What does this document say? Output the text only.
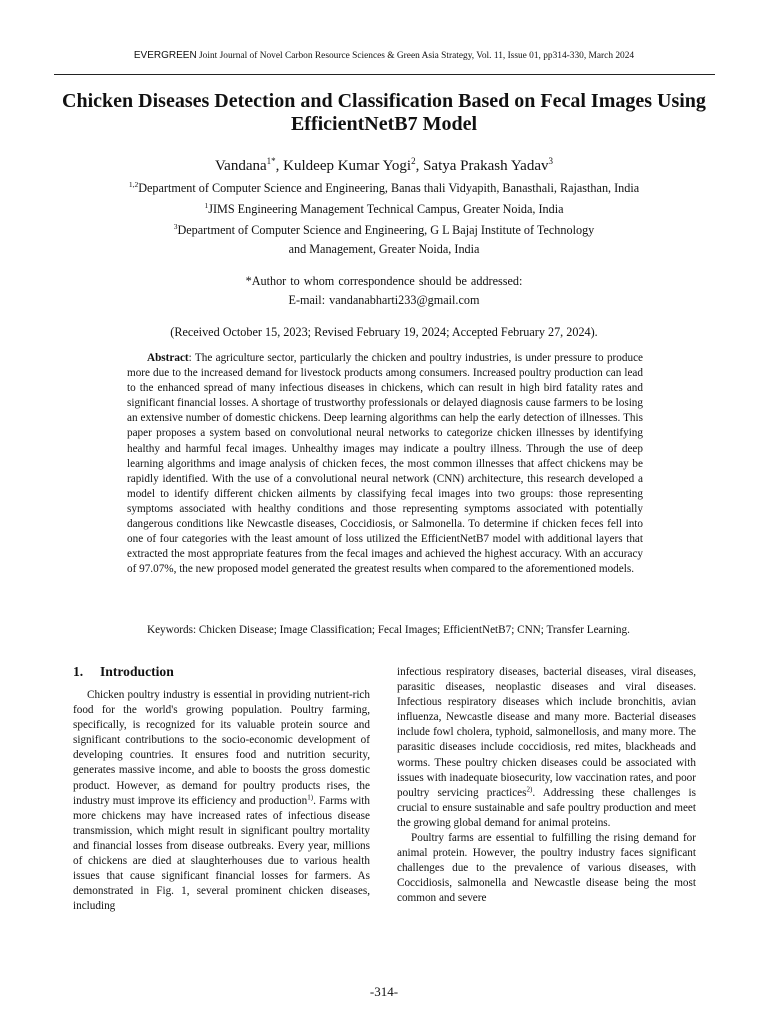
EVERGREEN Joint Journal of Novel Carbon Resource Sciences & Green Asia Strategy, Vol. 11, Issue 01, pp314-330, March 2024
Chicken Diseases Detection and Classification Based on Fecal Images Using EfficientNetB7 Model
Vandana$^{1*}$, Kuldeep Kumar Yogi$^2$, Satya Prakash Yadav$^3$
$^{1,2}$Department of Computer Science and Engineering, Banas thali Vidyapith, Banasthali, Rajasthan, India
$^1$JIMS Engineering Management Technical Campus, Greater Noida, India
$^3$Department of Computer Science and Engineering, G L Bajaj Institute of Technology
and Management, Greater Noida, India
*Author to whom correspondence should be addressed:
E-mail: vandanabharti233@gmail.com
(Received October 15, 2023; Revised February 19, 2024; Accepted February 27, 2024).

Abstract: The agriculture sector, particularly the chicken and poultry industries, is under pressure to produce more due to the increased demand for livestock products among consumers. Increased poultry production can lead to the enhanced spread of many infectious diseases in chickens, which can result in high bird fatality rates and significant financial losses. A shortage of trustworthy professionals or delayed diagnosis cause farmers to be losing an extensive number of domestic chickens. Deep learning algorithms can help the early detection of illnesses. This paper proposes a system based on convolutional neural networks to categorize chicken illnesses by identifying healthy and harmful fecal images. Unhealthy images may indicate a poultry illness. Through the use of deep learning algorithms and image analysis of chicken feces, the most common illnesses that affect chickens may be rapidly identified. With the use of a convolutional neural network (CNN) architecture, this research developed a model to identify different chicken ailments by classifying fecal images into two groups: those representing symptoms associated with healthy conditions and those representing symptoms associated with potentially dangerous conditions like Newcastle diseases, Coccidiosis, or Salmonella. To determine if chicken feces fell into one of four categories with the least amount of loss utilized the EfficientNetB7 model with additional layers that extracted the most appropriate features from the fecal images and achieved the highest accuracy. With an accuracy of 97.07%, the new proposed model generated the greatest results when compared to the aforementioned models.

Keywords: Chicken Disease; Image Classification; Fecal Images; EfficientNetB7; CNN; Transfer Learning.

1. Introduction

Chicken poultry industry is essential in providing nutrient-rich food for the world's growing population. Poultry farming, specifically, is recognized for its valuable protein source and significant contributions to the socio-economic development of developing countries. It ensures food and nutrition security, generates massive income, and able to boosts the gross domestic product. However, as demand for poultry products rises, the industry must improve its efficiency and production$^{1)}$. Farms with more chickens may have increased rates of infectious disease transmission, which might result in significant poultry mortality and financial losses from disease outbreaks. Every year, millions of chickens are died at slaughterhouses due to various health issues that cause significant financial losses for farmers. As demonstrated in Fig. 1, several prominent chicken diseases, including

infectious respiratory diseases, bacterial diseases, viral diseases, parasitic diseases, neoplastic diseases and viral diseases. Infectious respiratory diseases which include bronchitis, avian influenza, Newcastle disease and many more. Bacterial diseases include fowl cholera, typhoid, salmonellosis, and many more. The parasitic diseases include coccidiosis, red mites, blackheads and worms. These poultry chicken diseases could be associated with issues with inadequate biosecurity, low vaccination rates, and poor poultry servicing practices$^{2)}$. Addressing these challenges is crucial to ensure sustainable and safe poultry production and meet the growing global demand for animal proteins.

Poultry farms are essential to fulfilling the rising demand for animal protein. However, the poultry industry faces significant challenges due to the prevalence of various diseases, with Coccidiosis, salmonella and Newcastle disease being the most common and severe

-314-
